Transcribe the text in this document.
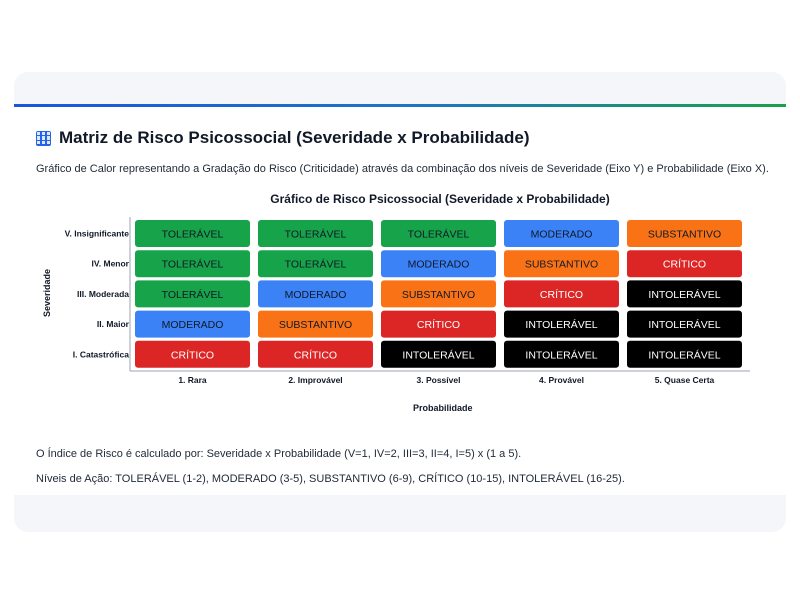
Matriz de Risco Psicossocial (Severidade x Probabilidade)
Gráfico de Calor representando a Gradação do Risco (Criticidade) através da combinação dos níveis de Severidade (Eixo Y) e Probabilidade (Eixo X).
Gráfico de Risco Psicossocial (Severidade x Probabilidade)
TOLERÁVEL	TOLERÁVEL	TOLERÁVEL	MODERADO	SUBSTANTIVO
TOLERÁVEL	TOLERÁVEL	MODERADO	SUBSTANTIVO	CRÍTICO
TOLERÁVEL	MODERADO	SUBSTANTIVO	CRÍTICO	INTOLERÁVEL
MODERADO	SUBSTANTIVO	CRÍTICO	INTOLERÁVEL	INTOLERÁVEL
CRÍTICO	CRÍTICO	INTOLERÁVEL	INTOLERÁVEL	INTOLERÁVEL
V. Insignificante
IV. Menor
III. Moderada
II. Maior
I. Catastrófica
1. Rara	2. Improvável	3. Possível	4. Provável	5. Quase Certa
Severidade
Probabilidade
O Índice de Risco é calculado por: Severidade x Probabilidade (V=1, IV=2, III=3, II=4, I=5) x (1 a 5).
Níveis de Ação: TOLERÁVEL (1-2), MODERADO (3-5), SUBSTANTIVO (6-9), CRÍTICO (10-15), INTOLERÁVEL (16-25).
